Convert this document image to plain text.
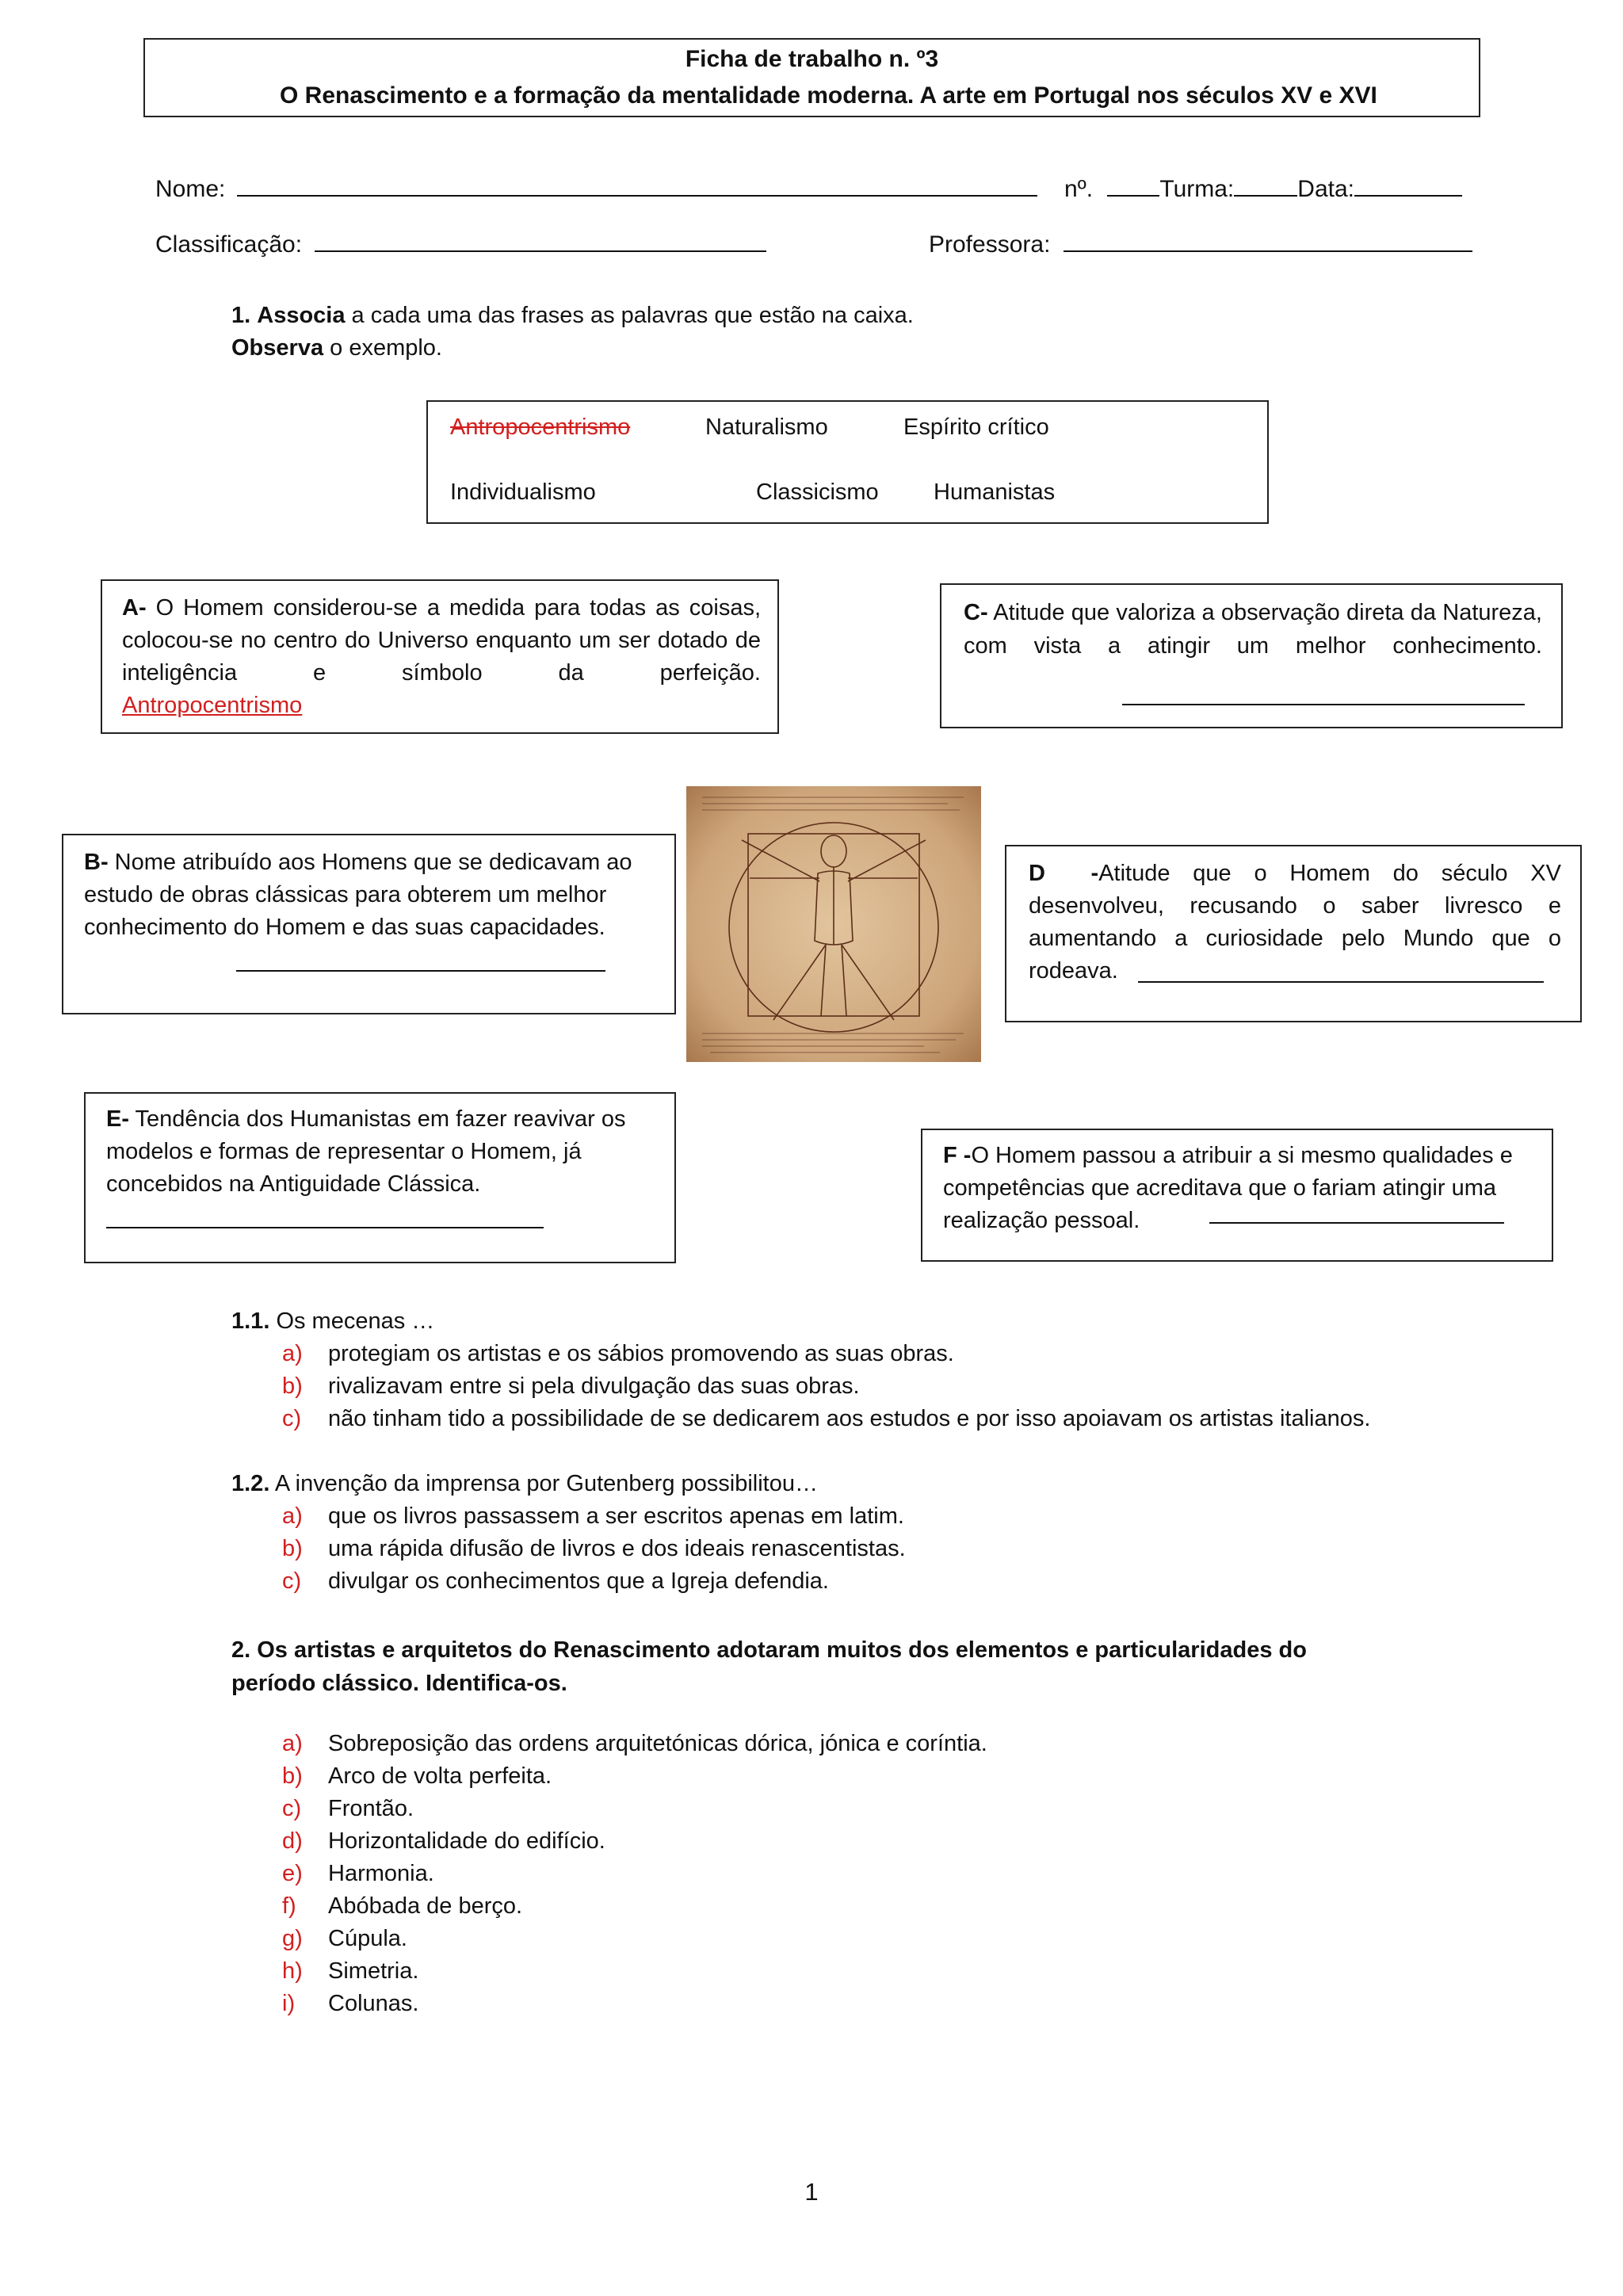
Ficha de trabalho n. º3
O Renascimento e a formação da mentalidade moderna. A arte em Portugal nos séculos XV e XVI
Nome:	nº.	Turma:	Data:
Classificação:	Professora:
1. Associa a cada uma das frases as palavras que estão na caixa.
Observa o exemplo.
Antropocentrismo	Naturalismo	Espírito crítico
Individualismo	Classicismo Humanistas
A- O Homem considerou-se a medida para todas as coisas, colocou-se no centro do Universo enquanto um ser dotado de inteligência e símbolo da perfeição.
Antropocentrismo
C- Atitude que valoriza a observação direta da Natureza, com vista a atingir um melhor conhecimento.
B- Nome atribuído aos Homens que se dedicavam ao estudo de obras clássicas para obterem um melhor conhecimento do Homem e das suas capacidades.
D -Atitude que o Homem do século XV desenvolveu, recusando o saber livresco e aumentando a curiosidade pelo Mundo que o rodeava.
E- Tendência dos Humanistas em fazer reavivar os modelos e formas de representar o Homem, já concebidos na Antiguidade Clássica.
F -O Homem passou a atribuir a si mesmo qualidades e competências que acreditava que o fariam atingir uma realização pessoal.
1.1. Os mecenas …
a) protegiam os artistas e os sábios promovendo as suas obras.
b) rivalizavam entre si pela divulgação das suas obras.
c) não tinham tido a possibilidade de se dedicarem aos estudos e por isso apoiavam os artistas italianos.
1.2. A invenção da imprensa por Gutenberg possibilitou…
a) que os livros passassem a ser escritos apenas em latim.
b) uma rápida difusão de livros e dos ideais renascentistas.
c) divulgar os conhecimentos que a Igreja defendia.
2. Os artistas e arquitetos do Renascimento adotaram muitos dos elementos e particularidades do
período clássico. Identifica-os.
a) Sobreposição das ordens arquitetónicas dórica, jónica e coríntia.
b) Arco de volta perfeita.
c) Frontão.
d) Horizontalidade do edifício.
e) Harmonia.
f) Abóbada de berço.
g) Cúpula.
h) Simetria.
i) Colunas.
1
